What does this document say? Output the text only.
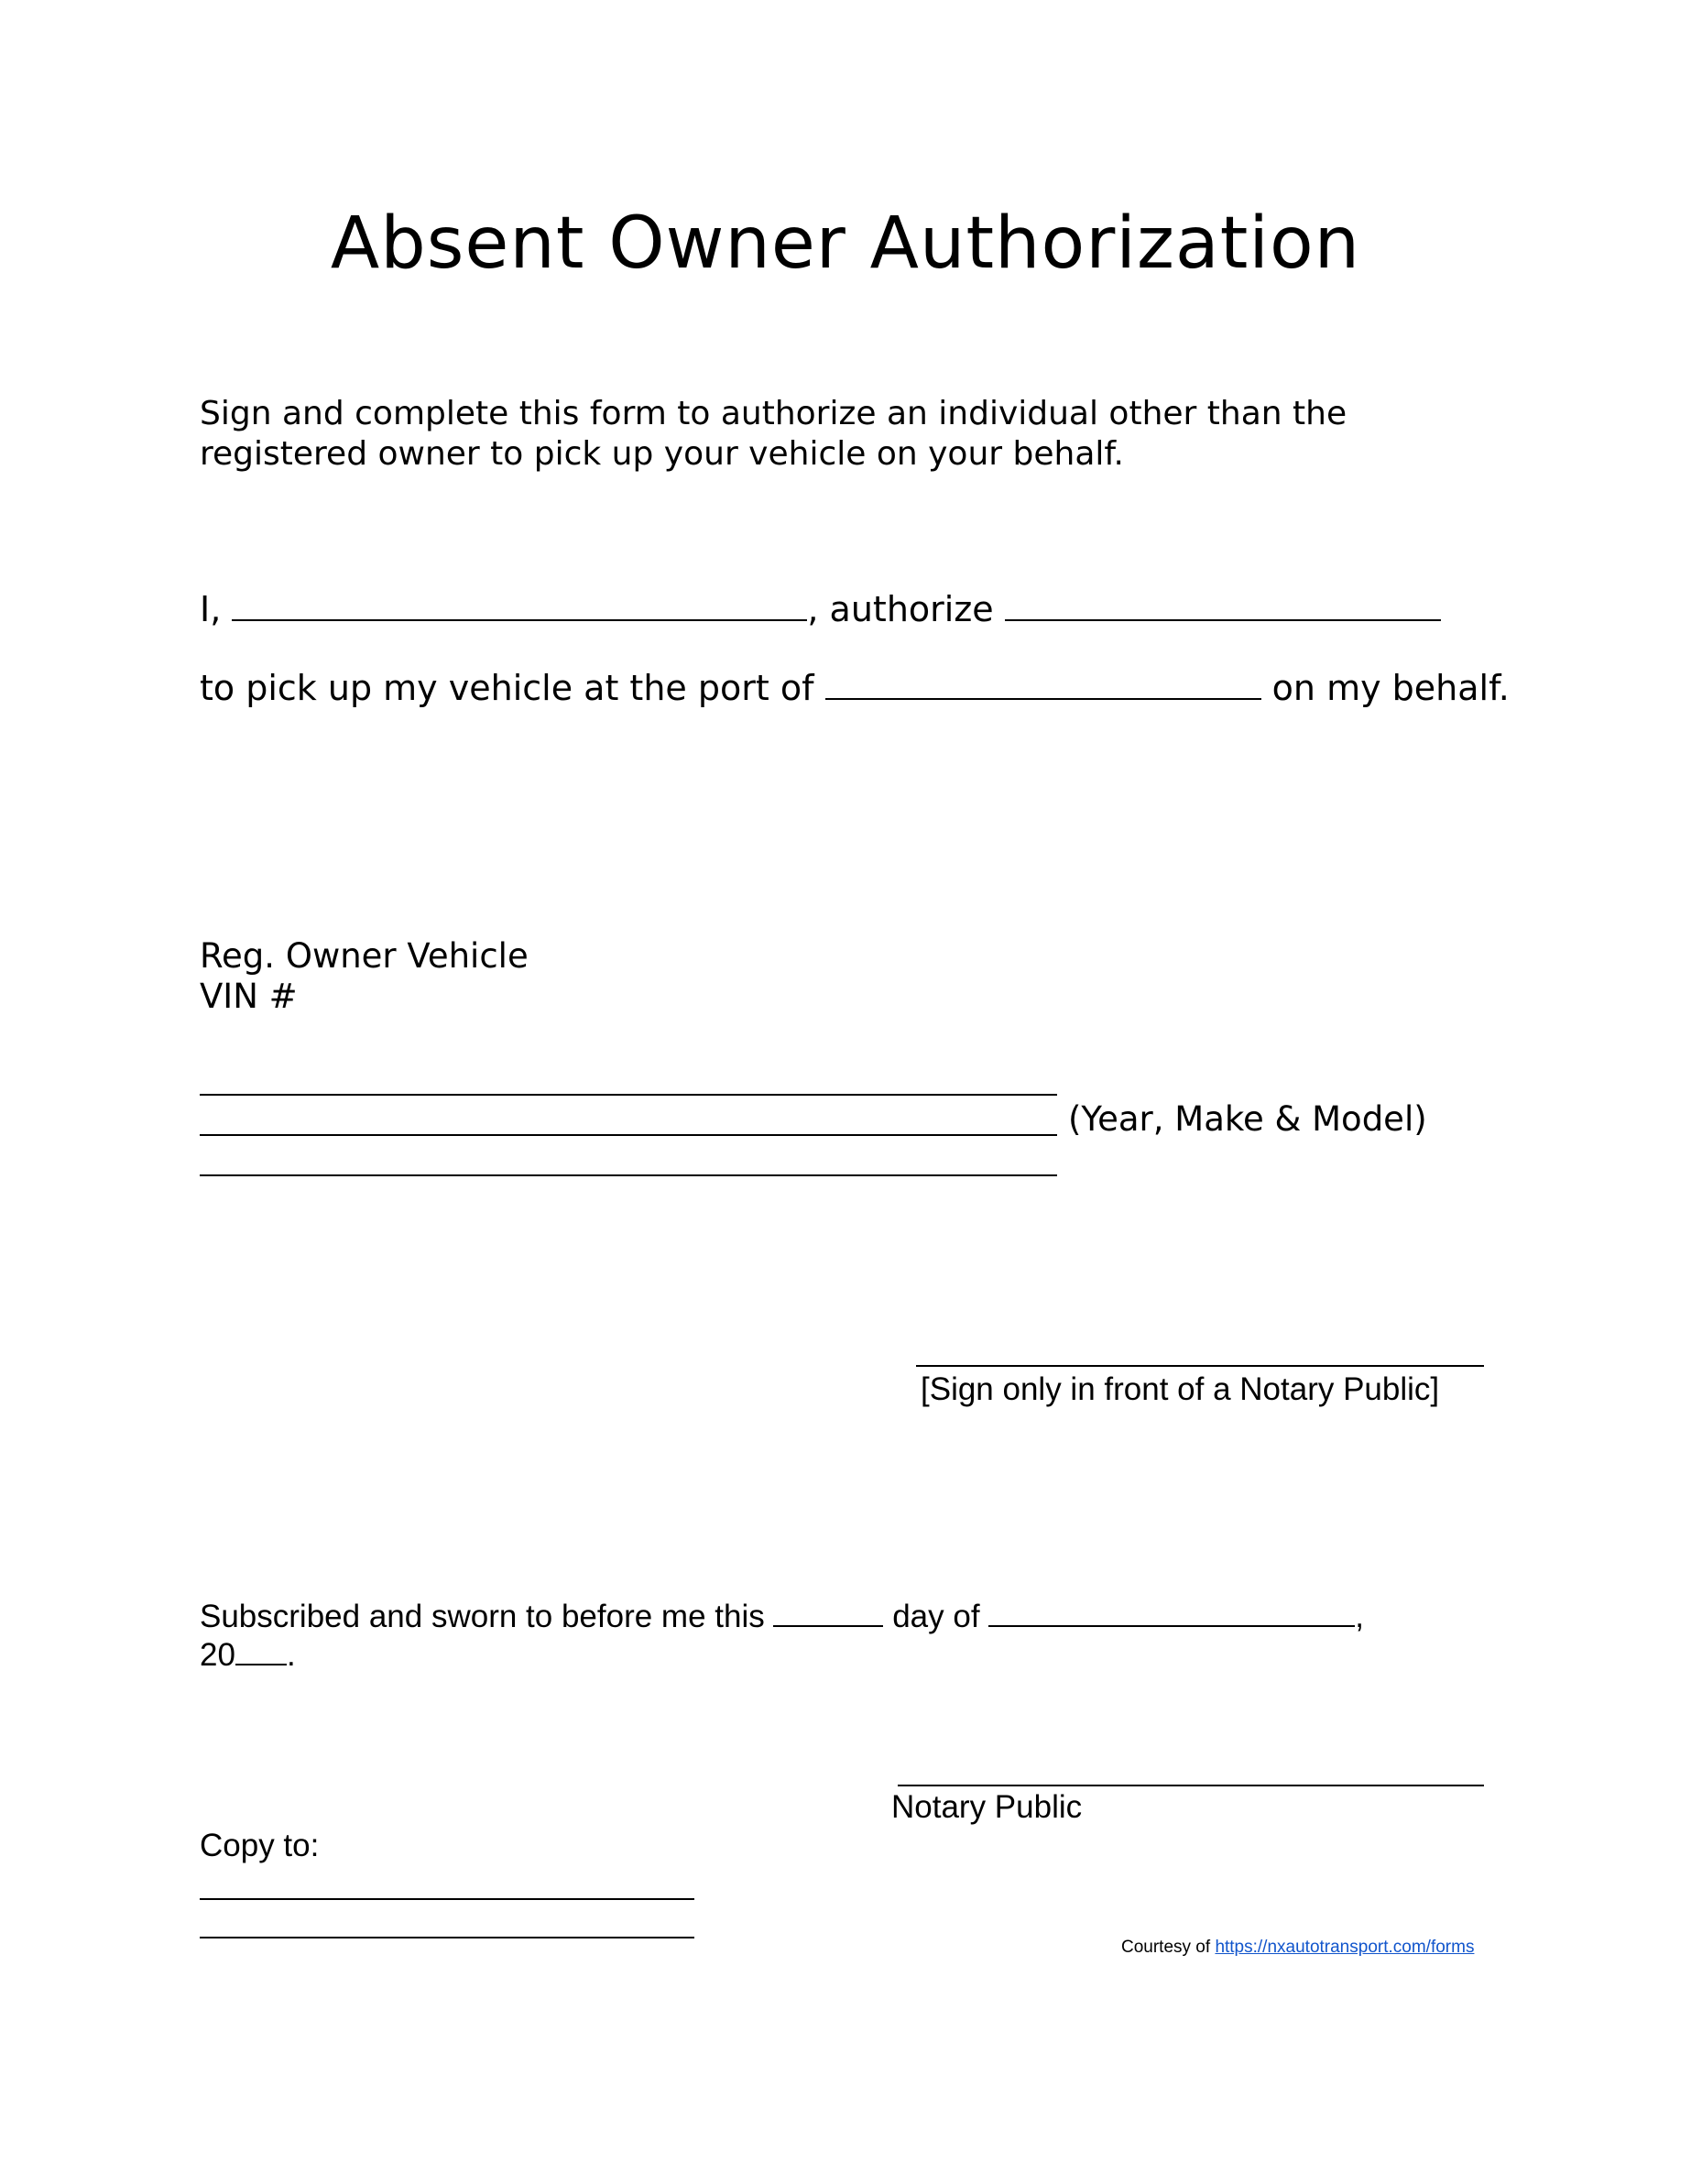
Absent Owner Authorization
Sign and complete this form to authorize an individual other than the
registered owner to pick up your vehicle on your behalf.
I,	, authorize
to pick up my vehicle at the port of	on my behalf.
Reg. Owner Vehicle
VIN #
(Year, Make & Model)
[Sign only in front of a Notary Public]
Subscribed and sworn to before me this	day of	,
20 .
Notary Public
Copy to:
Courtesy of https://nxautotransport.com/forms
